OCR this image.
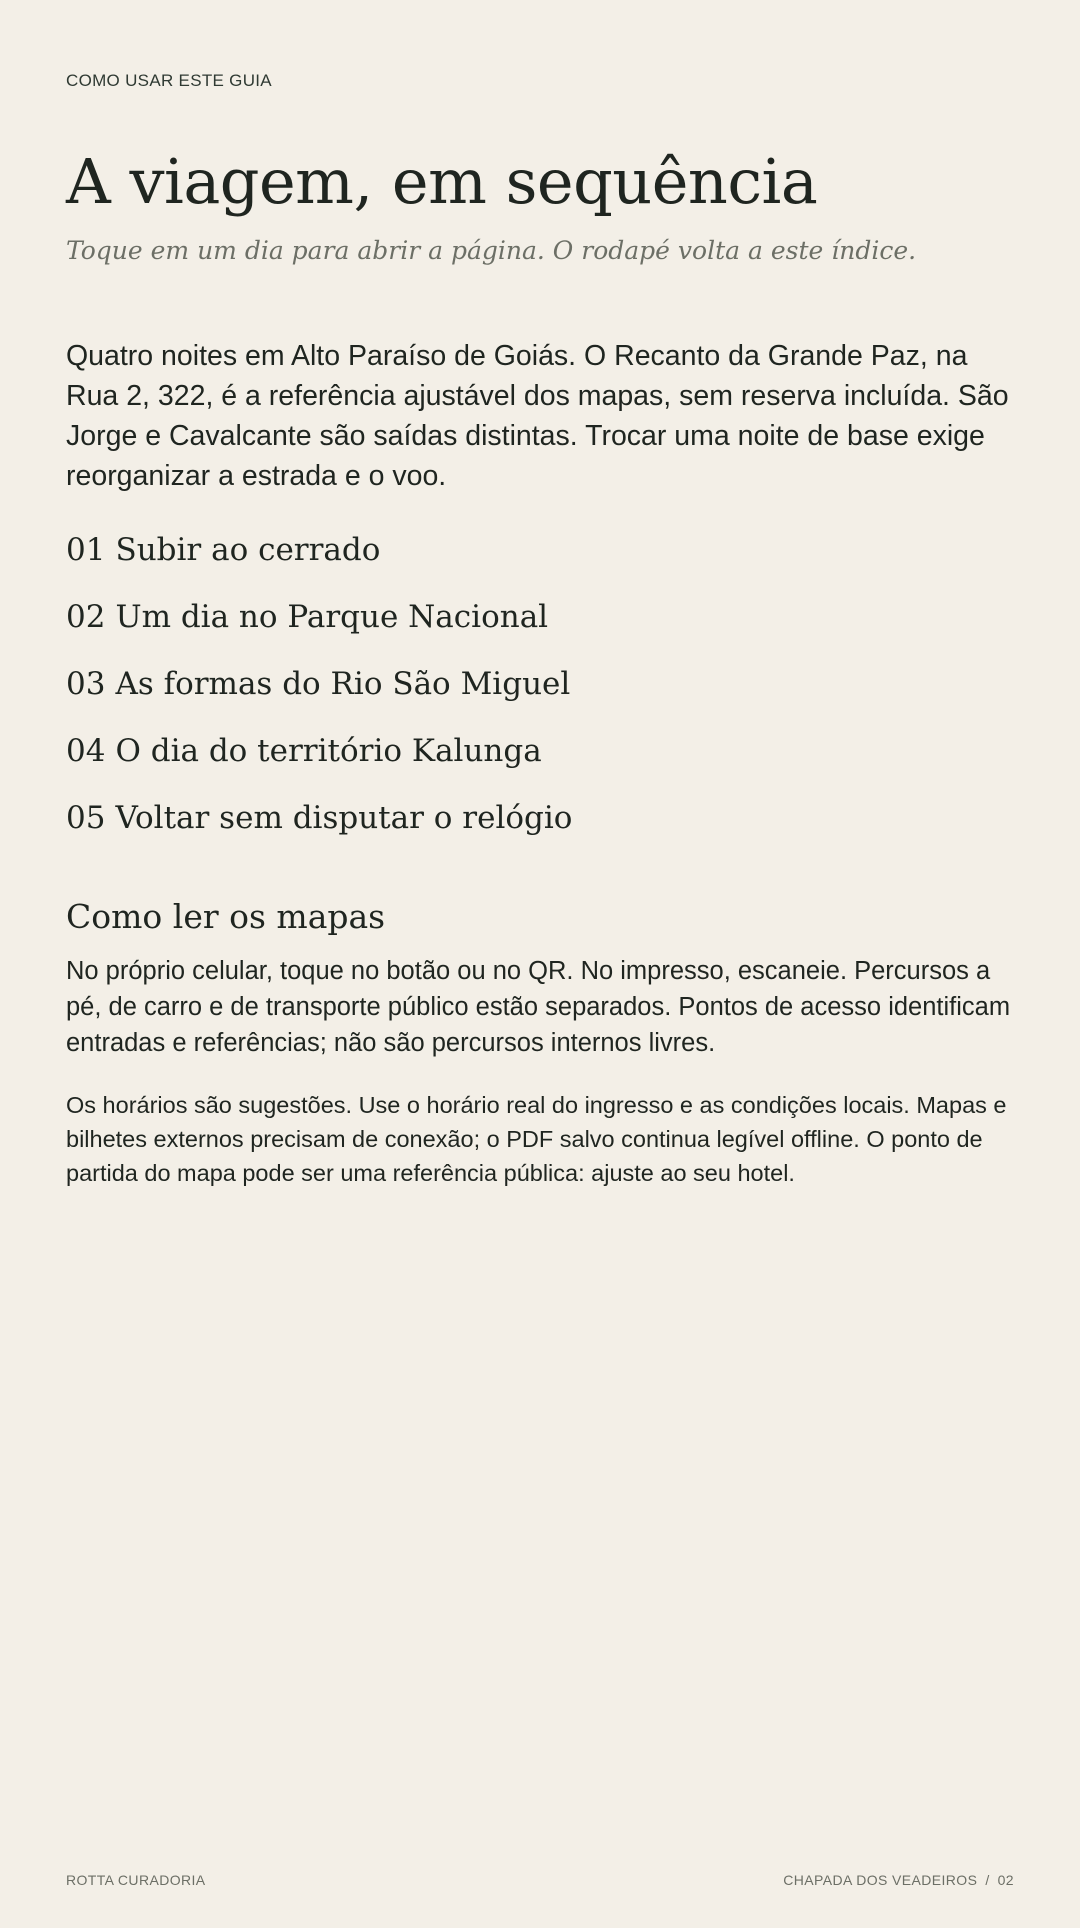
COMO USAR ESTE GUIA
A viagem, em sequência
Toque em um dia para abrir a página. O rodapé volta a este índice.

Quatro noites em Alto Paraíso de Goiás. O Recanto da Grande Paz, na Rua 2, 322, é a referência ajustável dos mapas, sem reserva incluída. São Jorge e Cavalcante são saídas distintas. Trocar uma noite de base exige reorganizar a estrada e o voo.

01 Subir ao cerrado
02 Um dia no Parque Nacional
03 As formas do Rio São Miguel
04 O dia do território Kalunga
05 Voltar sem disputar o relógio
Como ler os mapas

No próprio celular, toque no botão ou no QR. No impresso, escaneie. Percursos a pé, de carro e de transporte público estão separados. Pontos de acesso identificam entradas e referências; não são percursos internos livres.

Os horários são sugestões. Use o horário real do ingresso e as condições locais. Mapas e bilhetes externos precisam de conexão; o PDF salvo continua legível offline. O ponto de partida do mapa pode ser uma referência pública: ajuste ao seu hotel.

ROTTA CURADORIA	CHAPADA DOS VEADEIROS / 02
